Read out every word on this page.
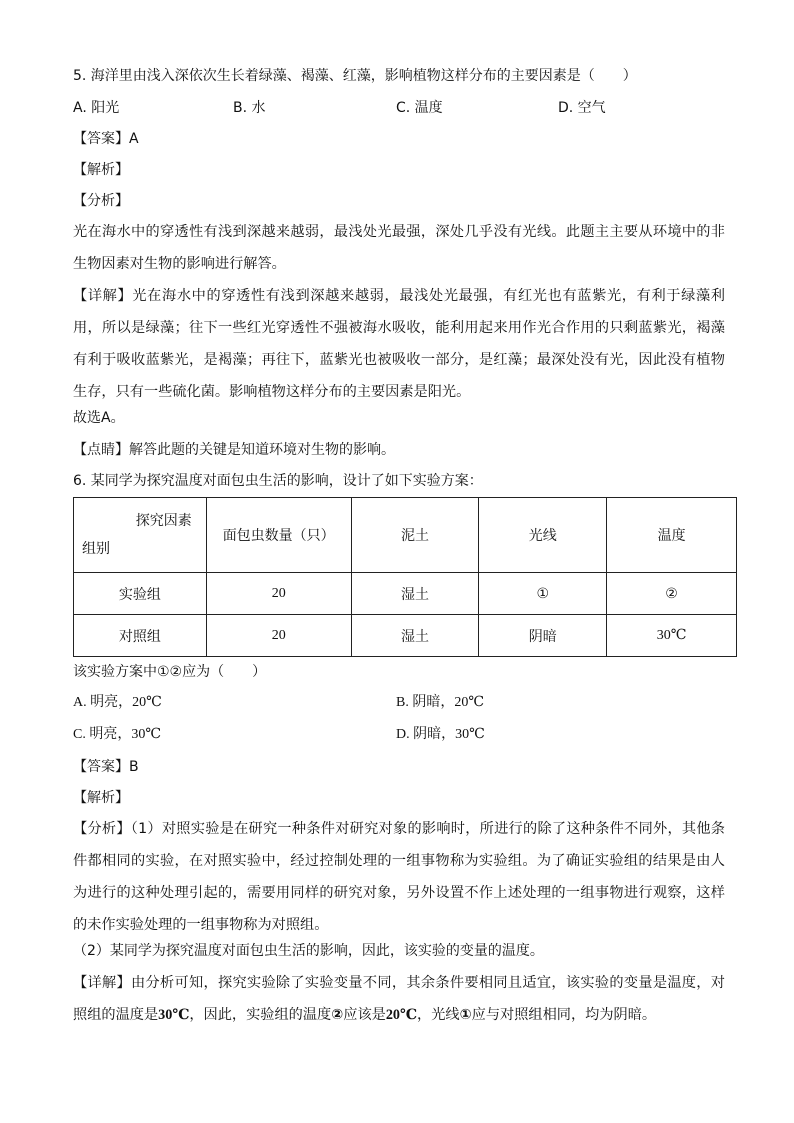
5. 海洋里由浅入深依次生长着绿藻、褐藻、红藻，影响植物这样分布的主要因素是（　　）
A. 阳光	B. 水	C. 温度	D. 空气
【答案】A
【解析】
【分析】
光在海水中的穿透性有浅到深越来越弱，最浅处光最强，深处几乎没有光线。此题主主要从环境中的非生物因素对生物的影响进行解答。
【详解】光在海水中的穿透性有浅到深越来越弱，最浅处光最强，有红光也有蓝紫光，有利于绿藻利用，所以是绿藻；往下一些红光穿透性不强被海水吸收，能利用起来用作光合作用的只剩蓝紫光，褐藻有利于吸收蓝紫光，是褐藻；再往下，蓝紫光也被吸收一部分，是红藻；最深处没有光，因此没有植物生存，只有一些硫化菌。影响植物这样分布的主要因素是阳光。
故选A。
【点睛】解答此题的关键是知道环境对生物的影响。
6. 某同学为探究温度对面包虫生活的影响，设计了如下实验方案：
探究因素
组别	面包虫数量（只）	泥土	光线	温度
实验组	20	湿土	①	②
对照组	20	湿土	阴暗	30℃
该实验方案中①②应为（　　）
A. 明亮，20℃	B. 阴暗，20℃
C. 明亮，30℃	D. 阴暗，30℃
【答案】B
【解析】
【分析】（1）对照实验是在研究一种条件对研究对象的影响时，所进行的除了这种条件不同外，其他条件都相同的实验，在对照实验中，经过控制处理的一组事物称为实验组。为了确证实验组的结果是由人为进行的这种处理引起的，需要用同样的研究对象，另外设置不作上述处理的一组事物进行观察，这样的未作实验处理的一组事物称为对照组。
（2）某同学为探究温度对面包虫生活的影响，因此，该实验的变量的温度。
【详解】由分析可知，探究实验除了实验变量不同，其余条件要相同且适宜，该实验的变量是温度，对照组的温度是30℃，因此，实验组的温度②应该是20℃，光线①应与对照组相同，均为阴暗。
